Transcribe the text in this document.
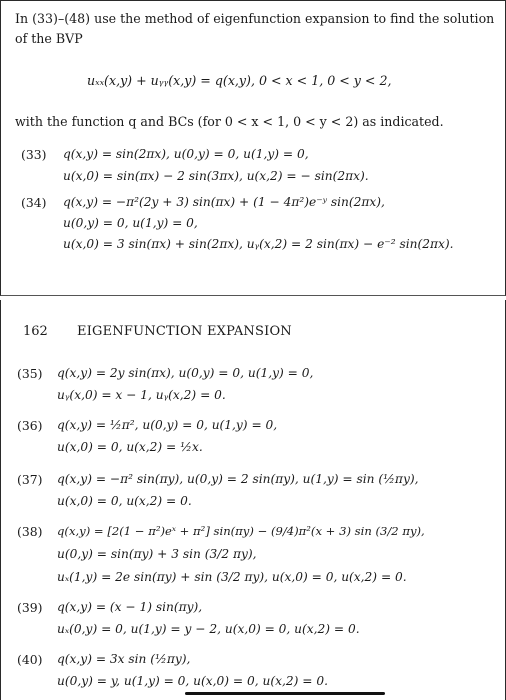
In (33)–(48) use the method of eigenfunction expansion to find the solution
of the BVP
uₓₓ(x,y) + uᵧᵧ(x,y) = q(x,y), 0 < x < 1, 0 < y < 2,
with the function q and BCs (for 0 < x < 1, 0 < y < 2) as indicated.
(33) q(x,y) = sin(2πx), u(0,y) = 0, u(1,y) = 0,
u(x,0) = sin(πx) − 2 sin(3πx), u(x,2) = − sin(2πx).
(34) q(x,y) = −π²(2y + 3) sin(πx) + (1 − 4π²)e⁻ʸ sin(2πx),
u(0,y) = 0, u(1,y) = 0,
u(x,0) = 3 sin(πx) + sin(2πx), uᵧ(x,2) = 2 sin(πx) − e⁻² sin(2πx).
162 EIGENFUNCTION EXPANSION
(35) q(x,y) = 2y sin(πx), u(0,y) = 0, u(1,y) = 0,
uᵧ(x,0) = x − 1, uᵧ(x,2) = 0.
(36) q(x,y) = ½π², u(0,y) = 0, u(1,y) = 0,
u(x,0) = 0, u(x,2) = ½x.
(37) q(x,y) = −π² sin(πy), u(0,y) = 2 sin(πy), u(1,y) = sin (½πy),
u(x,0) = 0, u(x,2) = 0.
(38) q(x,y) = [2(1 − π²)eˣ + π²] sin(πy) − (9/4)π²(x + 3) sin (3/2 πy),
u(0,y) = sin(πy) + 3 sin (3/2 πy),
uₓ(1,y) = 2e sin(πy) + sin (3/2 πy), u(x,0) = 0, u(x,2) = 0.
(39) q(x,y) = (x − 1) sin(πy),
uₓ(0,y) = 0, u(1,y) = y − 2, u(x,0) = 0, u(x,2) = 0.
(40) q(x,y) = 3x sin (½πy),
u(0,y) = y, u(1,y) = 0, u(x,0) = 0, u(x,2) = 0.
